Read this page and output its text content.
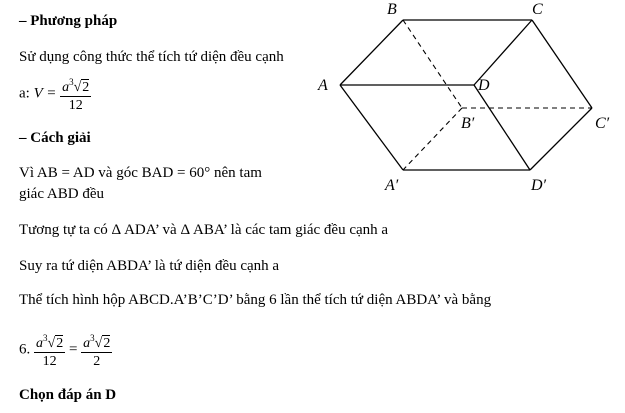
– Phương pháp
Sử dụng công thức thể tích tứ diện đều cạnh
a: $V = \frac{a^3√2}{12}$
– Cách giải
Vì AB = AD và góc BAD = 60° nên tam
giác ABD đều
Tương tự ta có Δ ADA’ và Δ ABA’ là các tam giác đều cạnh a
Suy ra tứ diện ABDA’ là tứ diện đều cạnh a
Thể tích hình hộp ABCD.A’B’C’D’ bằng 6 lần thể tích tứ diện ABDA’ và bằng
6. $\frac{a^3√2}{12} = \frac{a^3√2}{2}$
Chọn đáp án D
B	C
A	D
B′	C′
A′	D′
